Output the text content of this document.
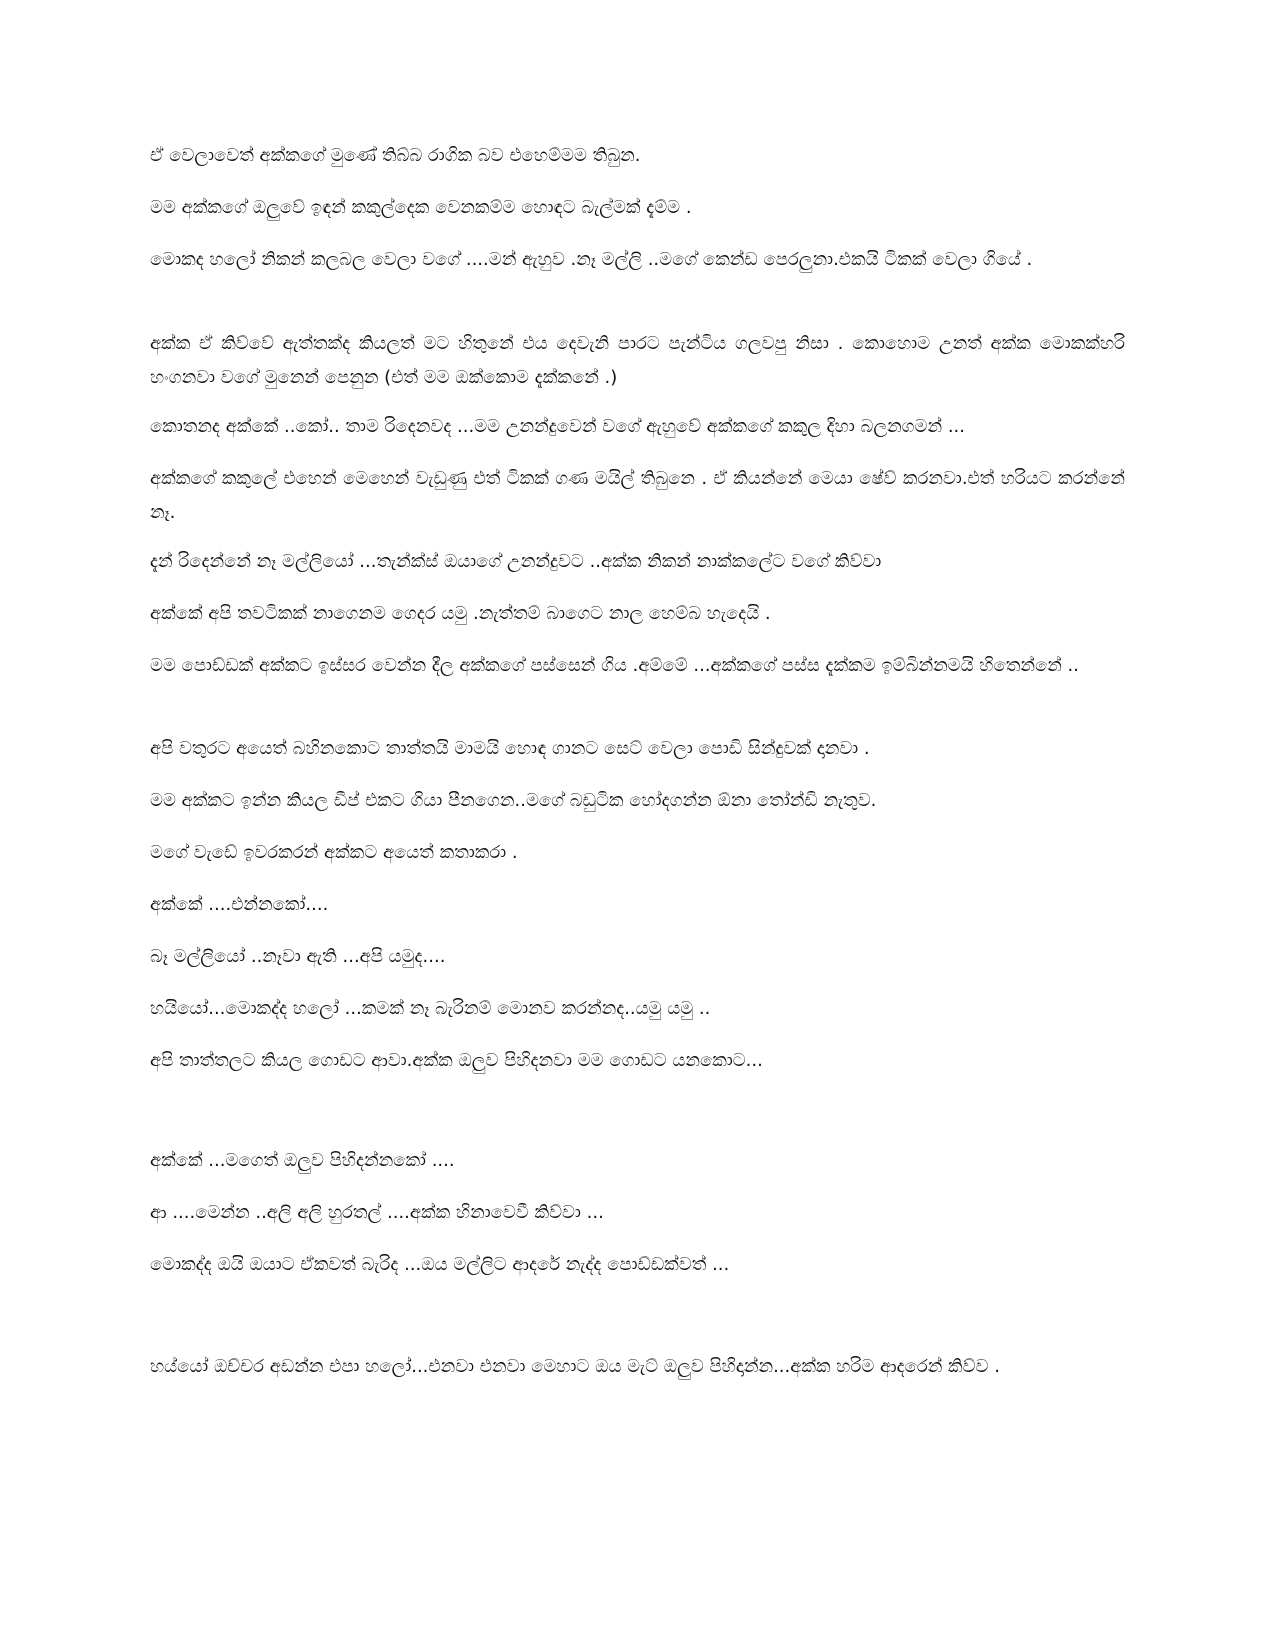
ඒ වෙලාවෙත් අක්කගේ මුණේ තිබ්බ රාගික බව එහෙම්මම තිබුන.

මම අක්කගේ ඔලුවේ ඉඳන් කකුල්දෙක වෙනකම්ම හොඳට බැල්මක් දැම්ම .

මොකද හලෝ නිකන් කලබල වෙලා වගේ ....මන් ඇහුව .නෑ මල්ලි ..මගේ කෙන්ඩ පෙරලුනා.එකයි ටිකක් වෙලා ගියේ .

අක්ක ඒ කිව්වේ ඇත්තක්ද කියලත් මට හිතුනේ එය දෙවැනි පාරට පැන්ටිය ගලවපු නිසා . කොහොම උනත් අක්ක මොකක්හරි හංගනවා වගේ මුනෙන් පෙනුන (එත් මම ඔක්කොම දැක්කනේ .)

කොතනද අක්කේ ..කෝ.. තාම රිදෙනවද ...මම උනන්දුවෙන් වගේ ඇහුවේ අක්කගේ කකුල දිහා බලනගමන් ...

අක්කගේ කකුලේ එහෙන් මෙහෙන් වැඩුණු එත් ටිකක් ගණ මයිල් තිබුනෙ . ඒ කියන්නේ මෙයා ෂේව් කරනවා.එත් හරියට කරන්නේ නෑ.

දැන් රිදෙන්නේ නෑ මල්ලියෝ ...තැන්ක්ස් ඔයාගේ උනන්දුවට ..අක්ක නිකන් නාක්කලේට වගේ කිව්වා

අක්කේ අපි තවටිකක් නාගෙනම ගෙදර යමු .නැත්තම් බාගෙට නාල හෙම්බ හැදෙයි .

මම පොඩ්ඩක් අක්කට ඉස්සර වෙන්න දීල අක්කගේ පස්සෙන් ගිය .අම්මේ ...අක්කගේ පස්ස දැක්කම ඉම්බින්නමයි හිතෙන්නේ ..

අපි වතුරට අයෙත් බහිනකොට තාත්තයි මාමයි හොඳ ගානට සෙට් වෙලා පොඩි සින්දුවක් දානවා .

මම අක්කට ඉන්න කියල ඩීප් එකට ගියා පීනගෙන..මගේ බඩුටික හෝදගන්න ඕනා තෝන්ඩි නැතුව.

මගේ වැඩේ ඉවරකරන් අක්කට අයෙත් කතාකරා .

අක්කේ ....එන්නකෝ....

බෑ මල්ලියෝ ..නෑවා ඇති ...අපි යමුද....

හයියෝ...මොකද්ද හලෝ ...කමක් නෑ බැරිනම් මොනව කරන්නද..යමු යමු ..

අපි තාත්තලට කියල ගොඩට ආවා.අක්ක ඔලුව පිහිදනවා මම ගොඩට යනකොට...

අක්කේ ...මගෙත් ඔලුව පිහිදන්නකෝ ....

ආ ....මෙන්න ..අලි අලි හුරතල් ....අක්ක හිනාවෙවී කිව්වා ...

මොකද්ද ඔයි ඔයාට ඒකවත් බැරිද ...ඔය මල්ලිට ආදරේ නැද්ද පොඩ්ඩක්වත් ...

හය්යෝ ඔච්චර අඩන්න එපා හලෝ...එනවා එනවා මෙහාට ඔය මැට් ඔලුව පිහිදාන්න...අක්ක හරිම ආදරෙන් කිව්ව .
